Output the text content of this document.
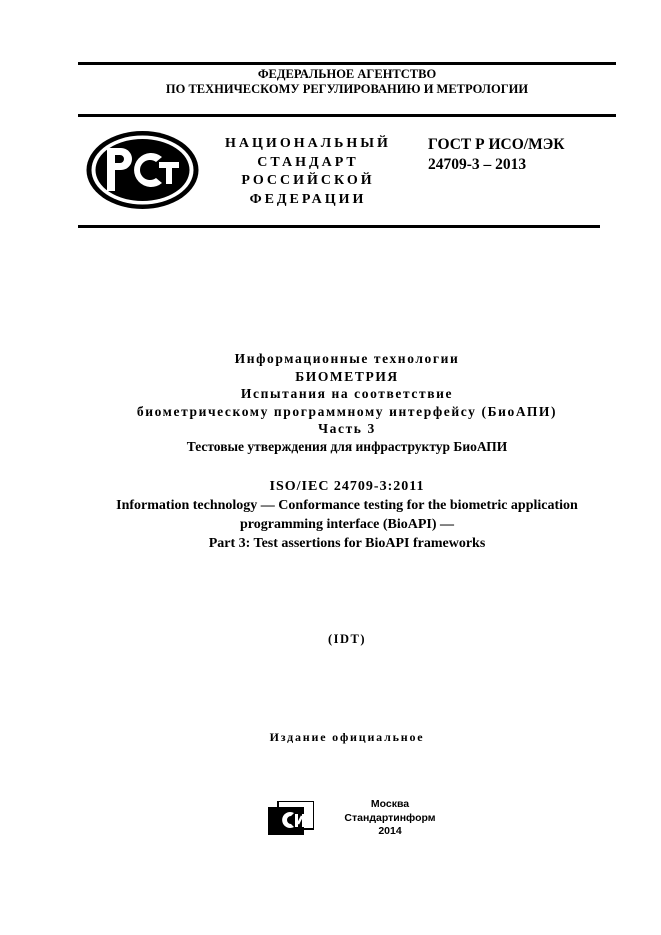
ФЕДЕРАЛЬНОЕ АГЕНТСТВО
ПО ТЕХНИЧЕСКОМУ РЕГУЛИРОВАНИЮ И МЕТРОЛОГИИ
НАЦИОНАЛЬНЫЙ
СТАНДАРТ
РОССИЙСКОЙ
ФЕДЕРАЦИИ
ГОСТ Р ИСО/МЭК
24709-3 – 2013
Информационные технологии
БИОМЕТРИЯ
Испытания на соответствие
биометрическому программному интерфейсу (БиоАПИ)
Часть 3
Тестовые утверждения для инфраструктур БиоАПИ
ISO/IEC 24709-3:2011
Information technology — Conformance testing for the biometric application
programming interface (BioAPI) —
Part 3: Test assertions for BioAPI frameworks
(IDT)
Издание официальное
Москва
Стандартинформ
2014
